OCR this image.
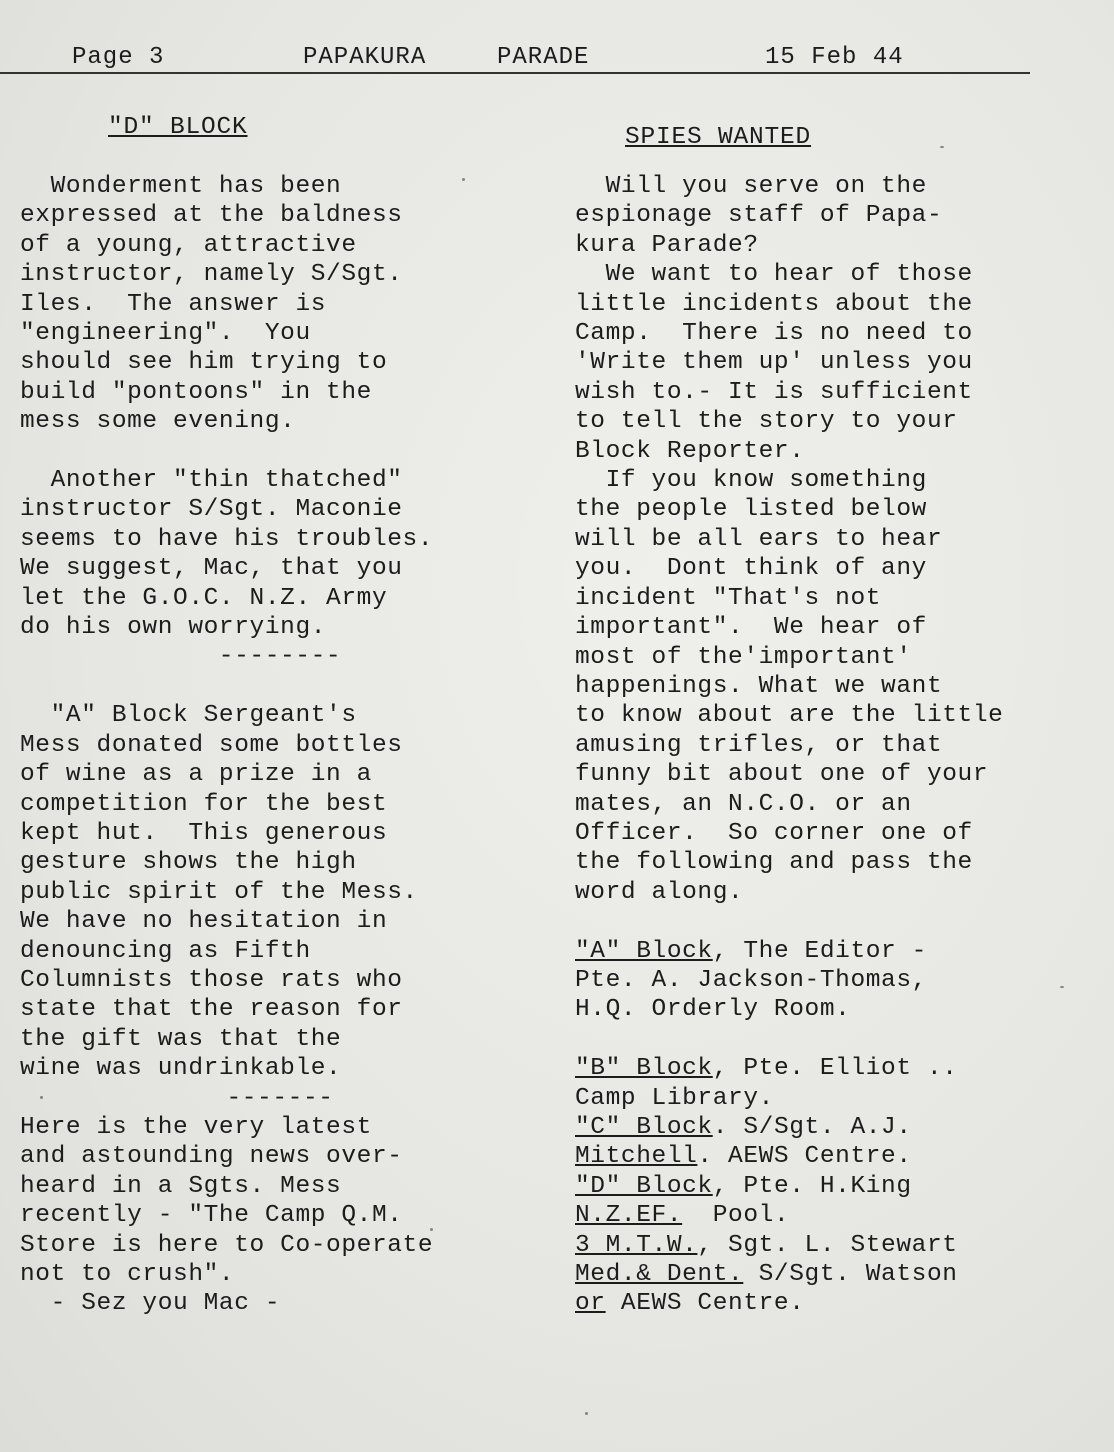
Page 3	PAPAKURA	PARADE	15 Feb 44
"D" BLOCK	SPIES WANTED

Wonderment has been

expressed at the baldness

of a young, attractive

instructor, namely S/Sgt.

Iles.  The answer is

"engineering".  You

should see him trying to

build "pontoons" in the

mess some evening.

Another "thin thatched"

instructor S/Sgt. Maconie

seems to have his troubles.

We suggest, Mac, that you

let the G.O.C. N.Z. Army

do his own worrying.

--------

"A" Block Sergeant's

Mess donated some bottles

of wine as a prize in a

competition for the best

kept hut.  This generous

gesture shows the high

public spirit of the Mess.

We have no hesitation in

denouncing as Fifth

Columnists those rats who

state that the reason for

the gift was that the

wine was undrinkable.

-------

Here is the very latest

and astounding news over-

heard in a Sgts. Mess

recently - "The Camp Q.M.

Store is here to Co-operate

not to crush".

- Sez you Mac -

Will you serve on the

espionage staff of Papa-

kura Parade?

We want to hear of those

little incidents about the

Camp.  There is no need to

'Write them up' unless you

wish to.- It is sufficient

to tell the story to your

Block Reporter.

If you know something

the people listed below

will be all ears to hear

you.  Dont think of any

incident "That's not

important".  We hear of

most of the'important'

happenings. What we want

to know about are the little

amusing trifles, or that

funny bit about one of your

mates, an N.C.O. or an

Officer.  So corner one of

the following and pass the

word along.

"A" Block, The Editor -

Pte. A. Jackson-Thomas,

H.Q. Orderly Room.

"B" Block, Pte. Elliot ..

Camp Library.

"C" Block. S/Sgt. A.J.

Mitchell. AEWS Centre.

"D" Block, Pte. H.King

N.Z.EF.  Pool.

3 M.T.W., Sgt. L. Stewart

Med.& Dent. S/Sgt. Watson

or AEWS Centre.
